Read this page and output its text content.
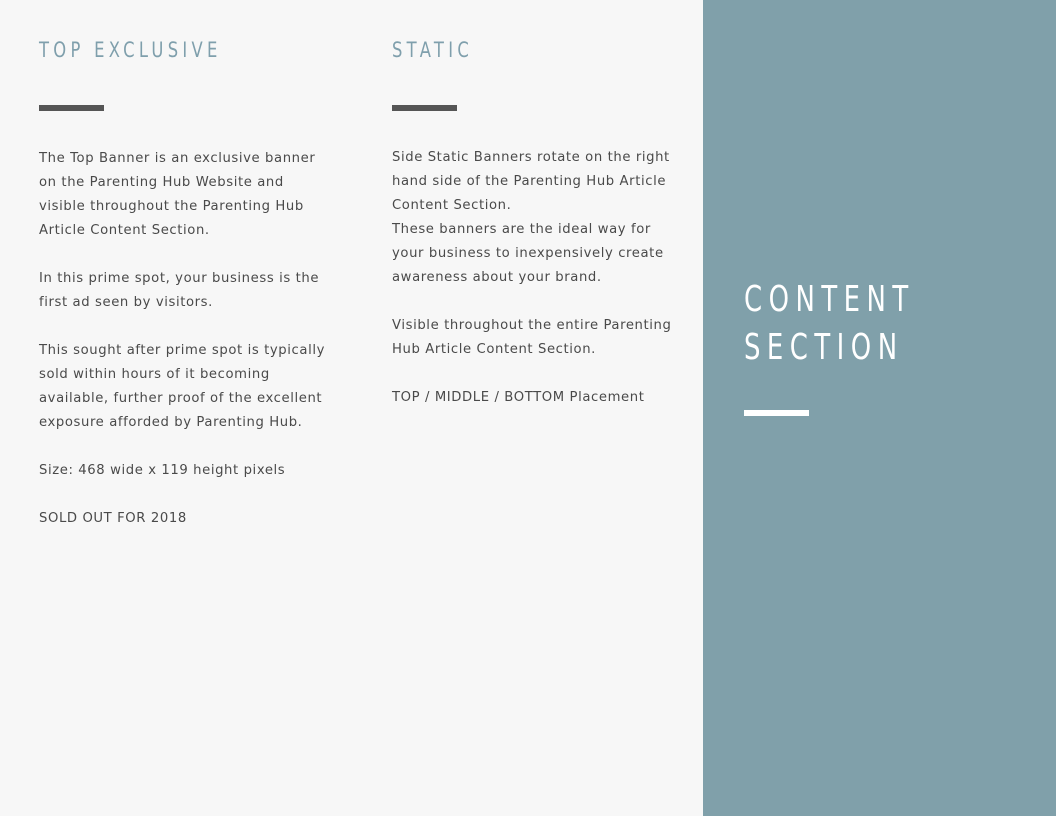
TOP EXCLUSIVE

The Top Banner is an exclusive banner on the Parenting Hub Website and visible throughout the Parenting Hub Article Content Section.

In this prime spot, your business is the first ad seen by visitors.

This sought after prime spot is typically sold within hours of it becoming available, further proof of the excellent exposure afforded by Parenting Hub.

Size: 468 wide x 119 height pixels

SOLD OUT FOR 2018

STATIC

Side Static Banners rotate on the right hand side of the Parenting Hub Article Content Section.

These banners are the ideal way for your business to inexpensively create awareness about your brand.

Visible throughout the entire Parenting Hub Article Content Section.

TOP / MIDDLE / BOTTOM Placement

CONTENT
SECTION
